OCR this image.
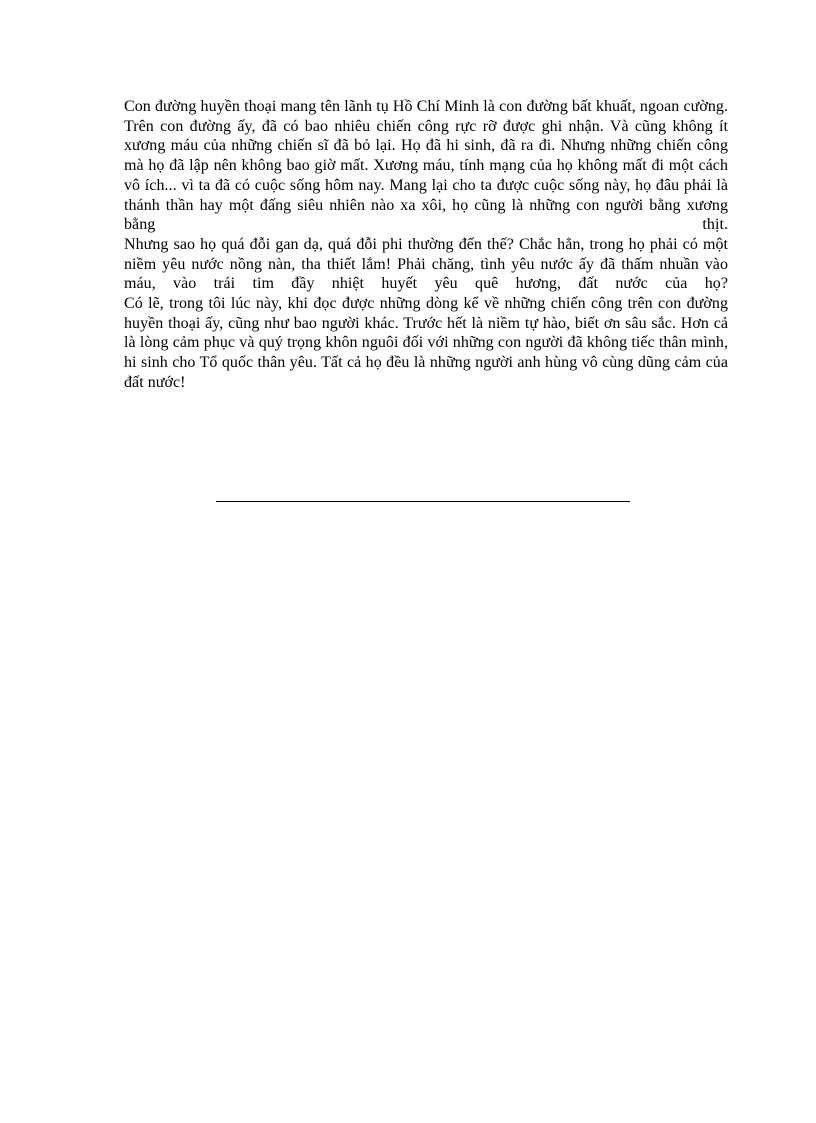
Con đường huyền thoại mang tên lãnh tụ Hồ Chí Minh là con đường bất khuất, ngoan cường. Trên con đường ấy, đã có bao nhiêu chiến công rực rỡ được ghi nhận. Và cũng không ít xương máu của những chiến sĩ đã bỏ lại. Họ đã hi sinh, đã ra đi. Nhưng những chiến công mà họ đã lập nên không bao giờ mất. Xương máu, tính mạng của họ không mất đi một cách vô ích... vì ta đã có cuộc sống hôm nay. Mang lại cho ta được cuộc sống này, họ đâu phải là thánh thần hay một đấng siêu nhiên nào xa xôi, họ cũng là những con người bằng xương bằng thịt.

Nhưng sao họ quá đỗi gan dạ, quá đỗi phi thường đến thế? Chắc hẳn, trong họ phải có một niềm yêu nước nồng nàn, tha thiết lắm! Phải chăng, tình yêu nước ấy đã thấm nhuần vào máu, vào trái tim đầy nhiệt huyết yêu quê hương, đất nước của họ?

Có lẽ, trong tôi lúc này, khi đọc được những dòng kể về những chiến công trên con đường huyền thoại ấy, cũng như bao người khác. Trước hết là niềm tự hào, biết ơn sâu sắc. Hơn cả là lòng cảm phục và quý trọng khôn nguôi đối với những con người đã không tiếc thân mình, hi sinh cho Tổ quốc thân yêu. Tất cả họ đều là những người anh hùng vô cùng dũng cảm của đất nước!
